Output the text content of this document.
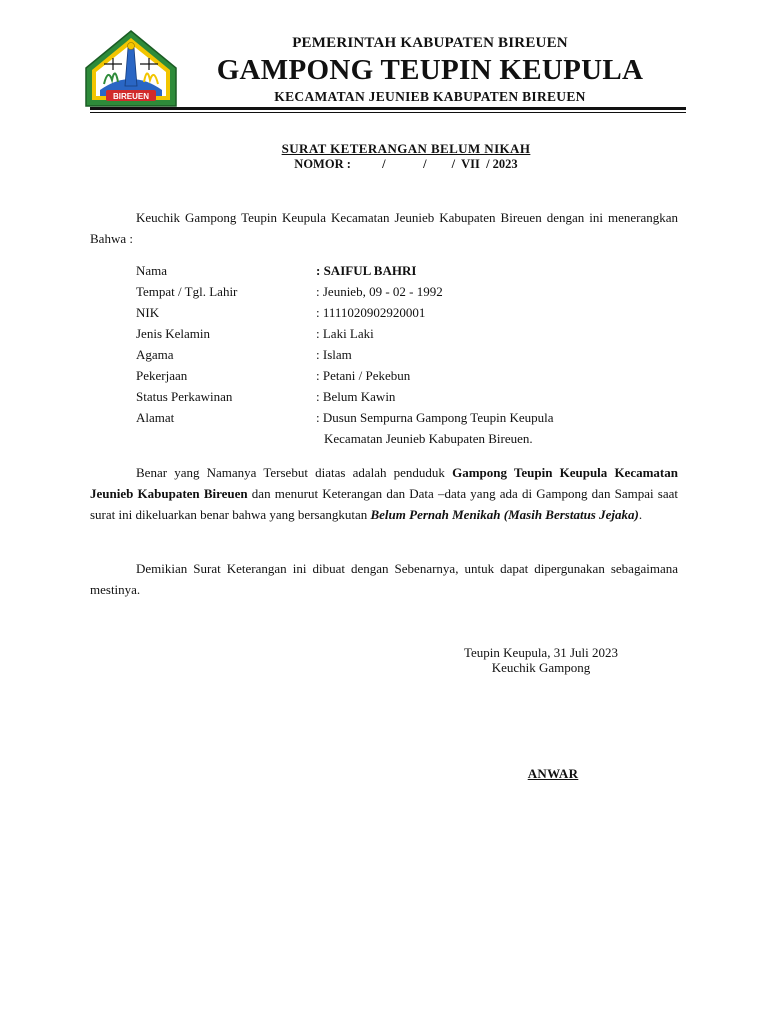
BIREUEN
PEMERINTAH KABUPATEN BIREUEN
GAMPONG TEUPIN KEUPULA
KECAMATAN JEUNIEB KABUPATEN BIREUEN
SURAT KETERANGAN BELUM NIKAH
NOMOR :          /            /        /  VII  / 2023
Keuchik Gampong Teupin Keupula Kecamatan Jeunieb Kabupaten Bireuen dengan ini menerangkan Bahwa :
Nama	: SAIFUL BAHRI
Tempat / Tgl. Lahir	: Jeunieb, 09 - 02 - 1992
NIK	: 1111020902920001
Jenis Kelamin	: Laki Laki
Agama	: Islam
Pekerjaan	: Petani / Pekebun
Status Perkawinan	: Belum Kawin
Alamat	: Dusun Sempurna Gampong Teupin Keupula
Kecamatan Jeunieb Kabupaten Bireuen.
Benar yang Namanya Tersebut diatas adalah penduduk Gampong Teupin Keupula Kecamatan Jeunieb Kabupaten Bireuen dan menurut Keterangan dan Data –data yang ada di Gampong dan Sampai saat surat ini dikeluarkan benar bahwa yang bersangkutan Belum Pernah Menikah (Masih Berstatus Jejaka).
Demikian Surat Keterangan ini dibuat dengan Sebenarnya, untuk dapat dipergunakan sebagaimana mestinya.
Teupin Keupula, 31 Juli 2023
Keuchik Gampong
ANWAR
